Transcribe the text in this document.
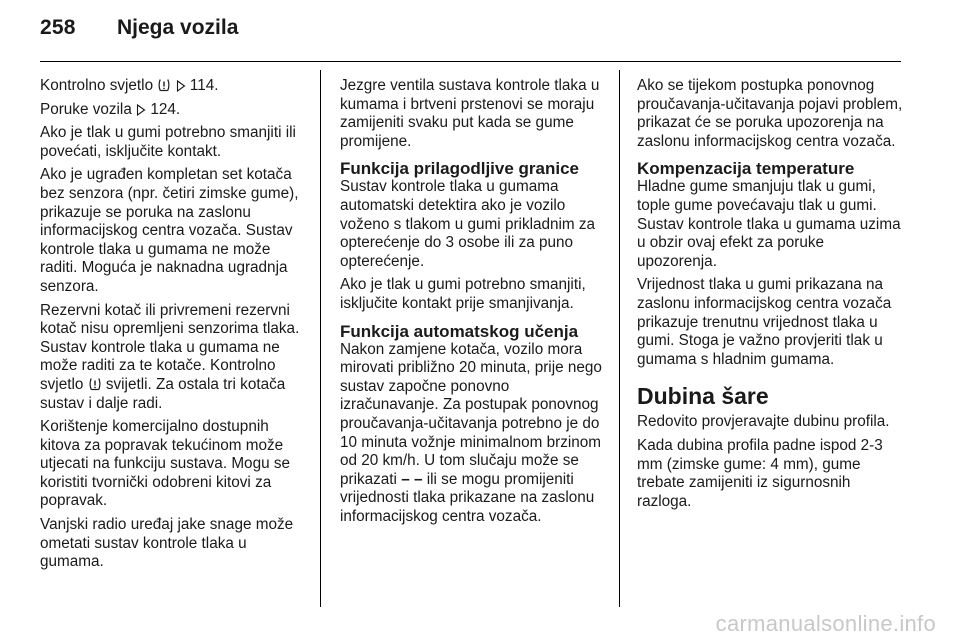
258 Njega vozila

Kontrolno svjetlo 114.

Poruke vozila 124.

Ako je tlak u gumi potrebno smanjiti ili povećati, isključite kontakt.

Ako je ugrađen kompletan set kotača bez senzora (npr. četiri zimske gume), prikazuje se poruka na zaslonu informacijskog centra vozača. Sustav kontrole tlaka u gumama ne može raditi. Moguća je naknadna ugradnja senzora.

Rezervni kotač ili privremeni rezervni kotač nisu opremljeni senzorima tlaka. Sustav kontrole tlaka u gumama ne može raditi za te kotače. Kontrolno svjetlo svijetli. Za ostala tri kotača sustav i dalje radi.

Korištenje komercijalno dostupnih kitova za popravak tekućinom može utjecati na funkciju sustava. Mogu se koristiti tvornički odobreni kitovi za popravak.

Vanjski radio uređaj jake snage može ometati sustav kontrole tlaka u gumama.

Jezgre ventila sustava kontrole tlaka u kumama i brtveni prstenovi se moraju zamijeniti svaku put kada se gume promijene.

Funkcija prilagodljive granice

Sustav kontrole tlaka u gumama automatski detektira ako je vozilo voženo s tlakom u gumi prikladnim za opterećenje do 3 osobe ili za puno opterećenje.

Ako je tlak u gumi potrebno smanjiti, isključite kontakt prije smanjivanja.

Funkcija automatskog učenja

Nakon zamjene kotača, vozilo mora mirovati približno 20 minuta, prije nego sustav započne ponovno izračunavanje. Za postupak ponovnog proučavanja-učitavanja potrebno je do 10 minuta vožnje minimalnom brzinom od 20 km/h. U tom slučaju može se prikazati – – ili se mogu promijeniti vrijednosti tlaka prikazane na zaslonu informacijskog centra vozača.

Ako se tijekom postupka ponovnog proučavanja-učitavanja pojavi problem, prikazat će se poruka upozorenja na zaslonu informacijskog centra vozača.

Kompenzacija temperature

Hladne gume smanjuju tlak u gumi, tople gume povećavaju tlak u gumi. Sustav kontrole tlaka u gumama uzima u obzir ovaj efekt za poruke upozorenja.

Vrijednost tlaka u gumi prikazana na zaslonu informacijskog centra vozača prikazuje trenutnu vrijednost tlaka u gumi. Stoga je važno provjeriti tlak u gumama s hladnim gumama.

Dubina šare

Redovito provjeravajte dubinu profila.

Kada dubina profila padne ispod 2-3 mm (zimske gume: 4 mm), gume trebate zamijeniti iz sigurnosnih razloga.

carmanualsonline.info
